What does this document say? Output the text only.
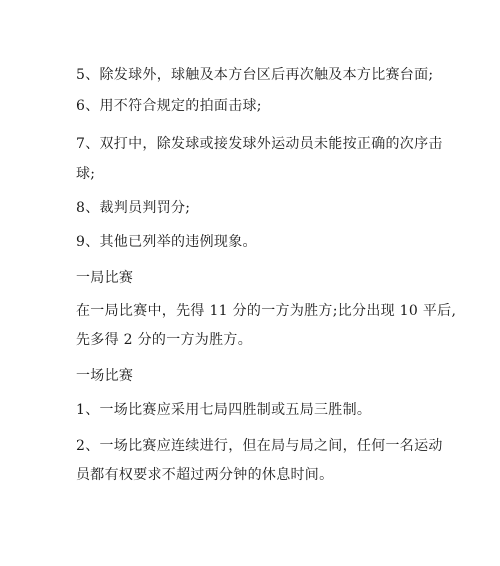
5、除发球外，球触及本方台区后再次触及本方比赛台面;
6、用不符合规定的拍面击球;
7、双打中，除发球或接发球外运动员未能按正确的次序击
球;
8、裁判员判罚分;
9、其他已列举的违例现象。
一局比赛
在一局比赛中，先得 11 分的一方为胜方;比分出现 10 平后,
先多得 2 分的一方为胜方。
一场比赛
1、一场比赛应采用七局四胜制或五局三胜制。
2、一场比赛应连续进行，但在局与局之间，任何一名运动
员都有权要求不超过两分钟的休息时间。
